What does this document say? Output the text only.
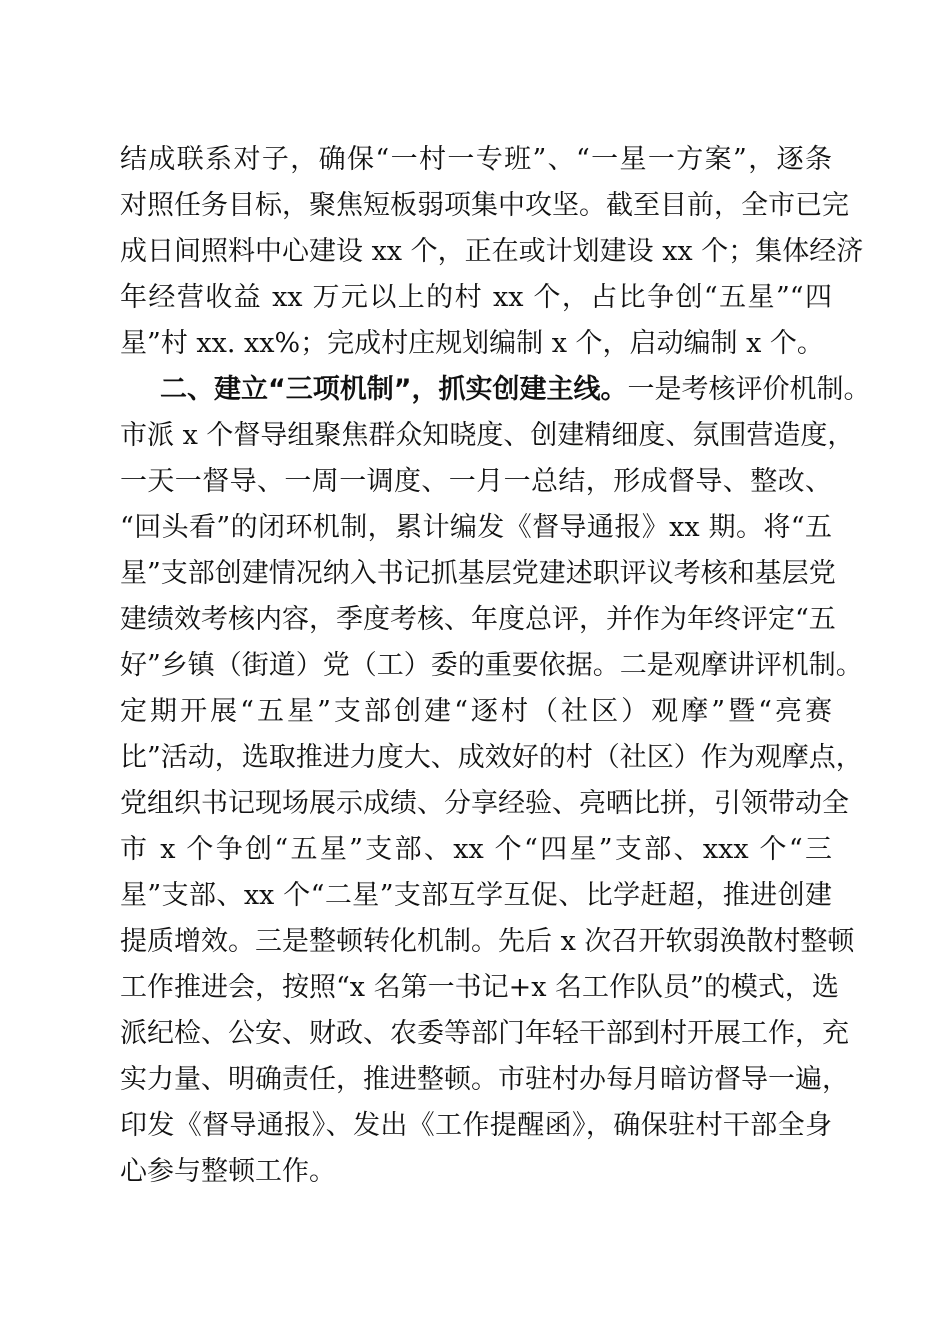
结成联系对子，确保“一村一专班”、“一星一方案”，逐条
对照任务目标，聚焦短板弱项集中攻坚。截至目前，全市已完
成日间照料中心建设 xx 个，正在或计划建设 xx 个；集体经济
年经营收益 xx 万元以上的村 xx 个，占比争创“五星”“四
星”村 xx. xx%；完成村庄规划编制 x 个，启动编制 x 个。
二、建立“三项机制”，抓实创建主线。一是考核评价机制。
市派 x 个督导组聚焦群众知晓度、创建精细度、氛围营造度，
一天一督导、一周一调度、一月一总结，形成督导、整改、
“回头看”的闭环机制，累计编发《督导通报》xx 期。将“五
星”支部创建情况纳入书记抓基层党建述职评议考核和基层党
建绩效考核内容，季度考核、年度总评，并作为年终评定“五
好”乡镇（街道）党（工）委的重要依据。二是观摩讲评机制。
定期开展“五星”支部创建“逐村（社区）观摩”暨“亮赛
比”活动，选取推进力度大、成效好的村（社区）作为观摩点，
党组织书记现场展示成绩、分享经验、亮晒比拼，引领带动全
市 x 个争创“五星”支部、xx 个“四星”支部、xxx 个“三
星”支部、xx 个“二星”支部互学互促、比学赶超，推进创建
提质增效。三是整顿转化机制。先后 x 次召开软弱涣散村整顿
工作推进会，按照“x 名第一书记+x 名工作队员”的模式，选
派纪检、公安、财政、农委等部门年轻干部到村开展工作，充
实力量、明确责任，推进整顿。市驻村办每月暗访督导一遍，
印发《督导通报》、发出《工作提醒函》，确保驻村干部全身
心参与整顿工作。
